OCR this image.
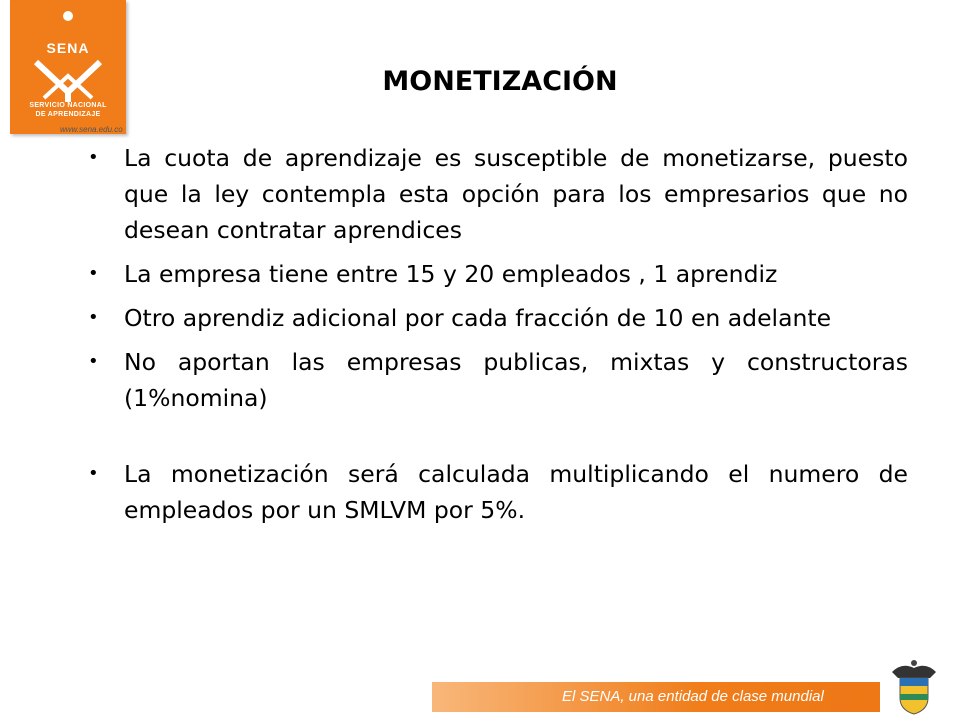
SENA
SERVICIO NACIONAL
DE APRENDIZAJE
www.sena.edu.co
MONETIZACIÓN
• La cuota de aprendizaje es susceptible de monetizarse, puesto que la ley contempla esta opción para los empresarios que no desean contratar aprendices
• La empresa tiene entre 15 y 20 empleados , 1 aprendiz
• Otro aprendiz adicional por cada fracción de 10 en adelante
• No aportan las empresas publicas, mixtas y constructoras (1%nomina)
• La monetización será calculada multiplicando el numero de empleados por un SMLVM por 5%.
El SENA, una entidad de clase mundial
